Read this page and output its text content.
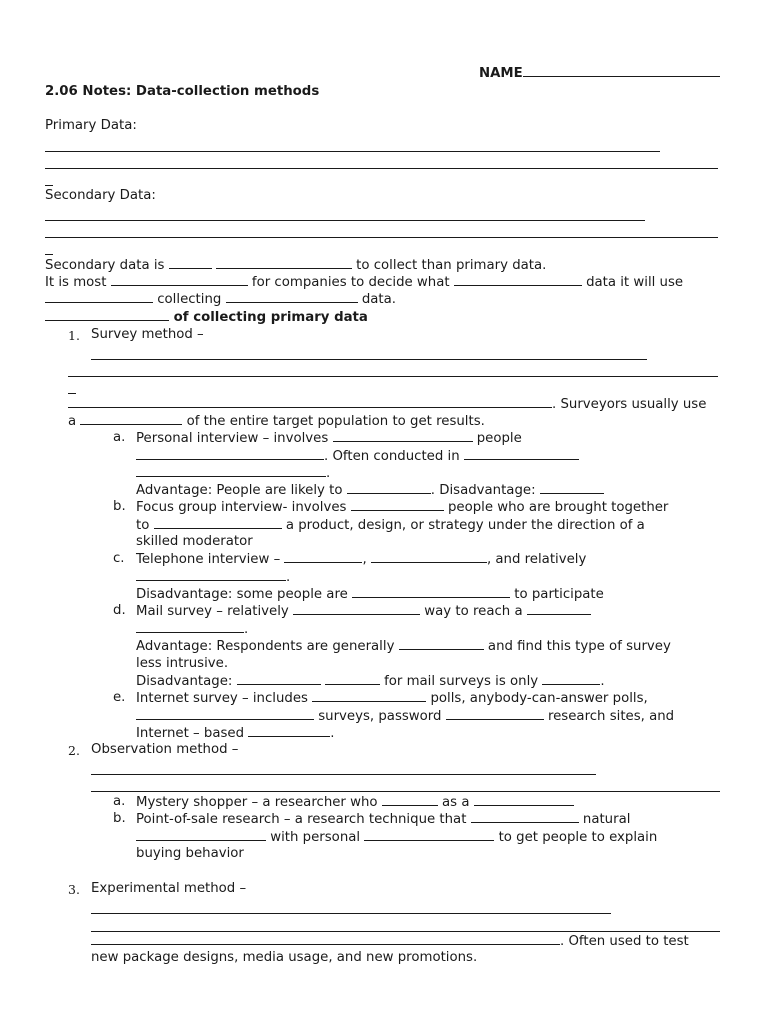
NAME
2.06 Notes: Data-collection methods
Primary Data:
Secondary Data:
Secondary data is	to collect than primary data.
It is most	for companies to decide what	data it will use
collecting	data.
of collecting primary data
1. Survey method –
. Surveyors usually use
a	of the entire target population to get results.
a. Personal interview – involves	people
. Often conducted in
.
Advantage: People are likely to	. Disadvantage:
b. Focus group interview- involves	people who are brought together
to	a product, design, or strategy under the direction of a
skilled moderator
c. Telephone interview –	,	, and relatively
.
Disadvantage: some people are	to participate
d. Mail survey – relatively	way to reach a
.
Advantage: Respondents are generally	and find this type of survey
less intrusive.
Disadvantage:	for mail surveys is only	.
e. Internet survey – includes	polls, anybody-can-answer polls,
surveys, password	research sites, and
Internet – based	.
2. Observation method –
a. Mystery shopper – a researcher who	as a
b. Point-of-sale research – a research technique that	natural
with personal	to get people to explain
buying behavior
3. Experimental method –
. Often used to test
new package designs, media usage, and new promotions.
